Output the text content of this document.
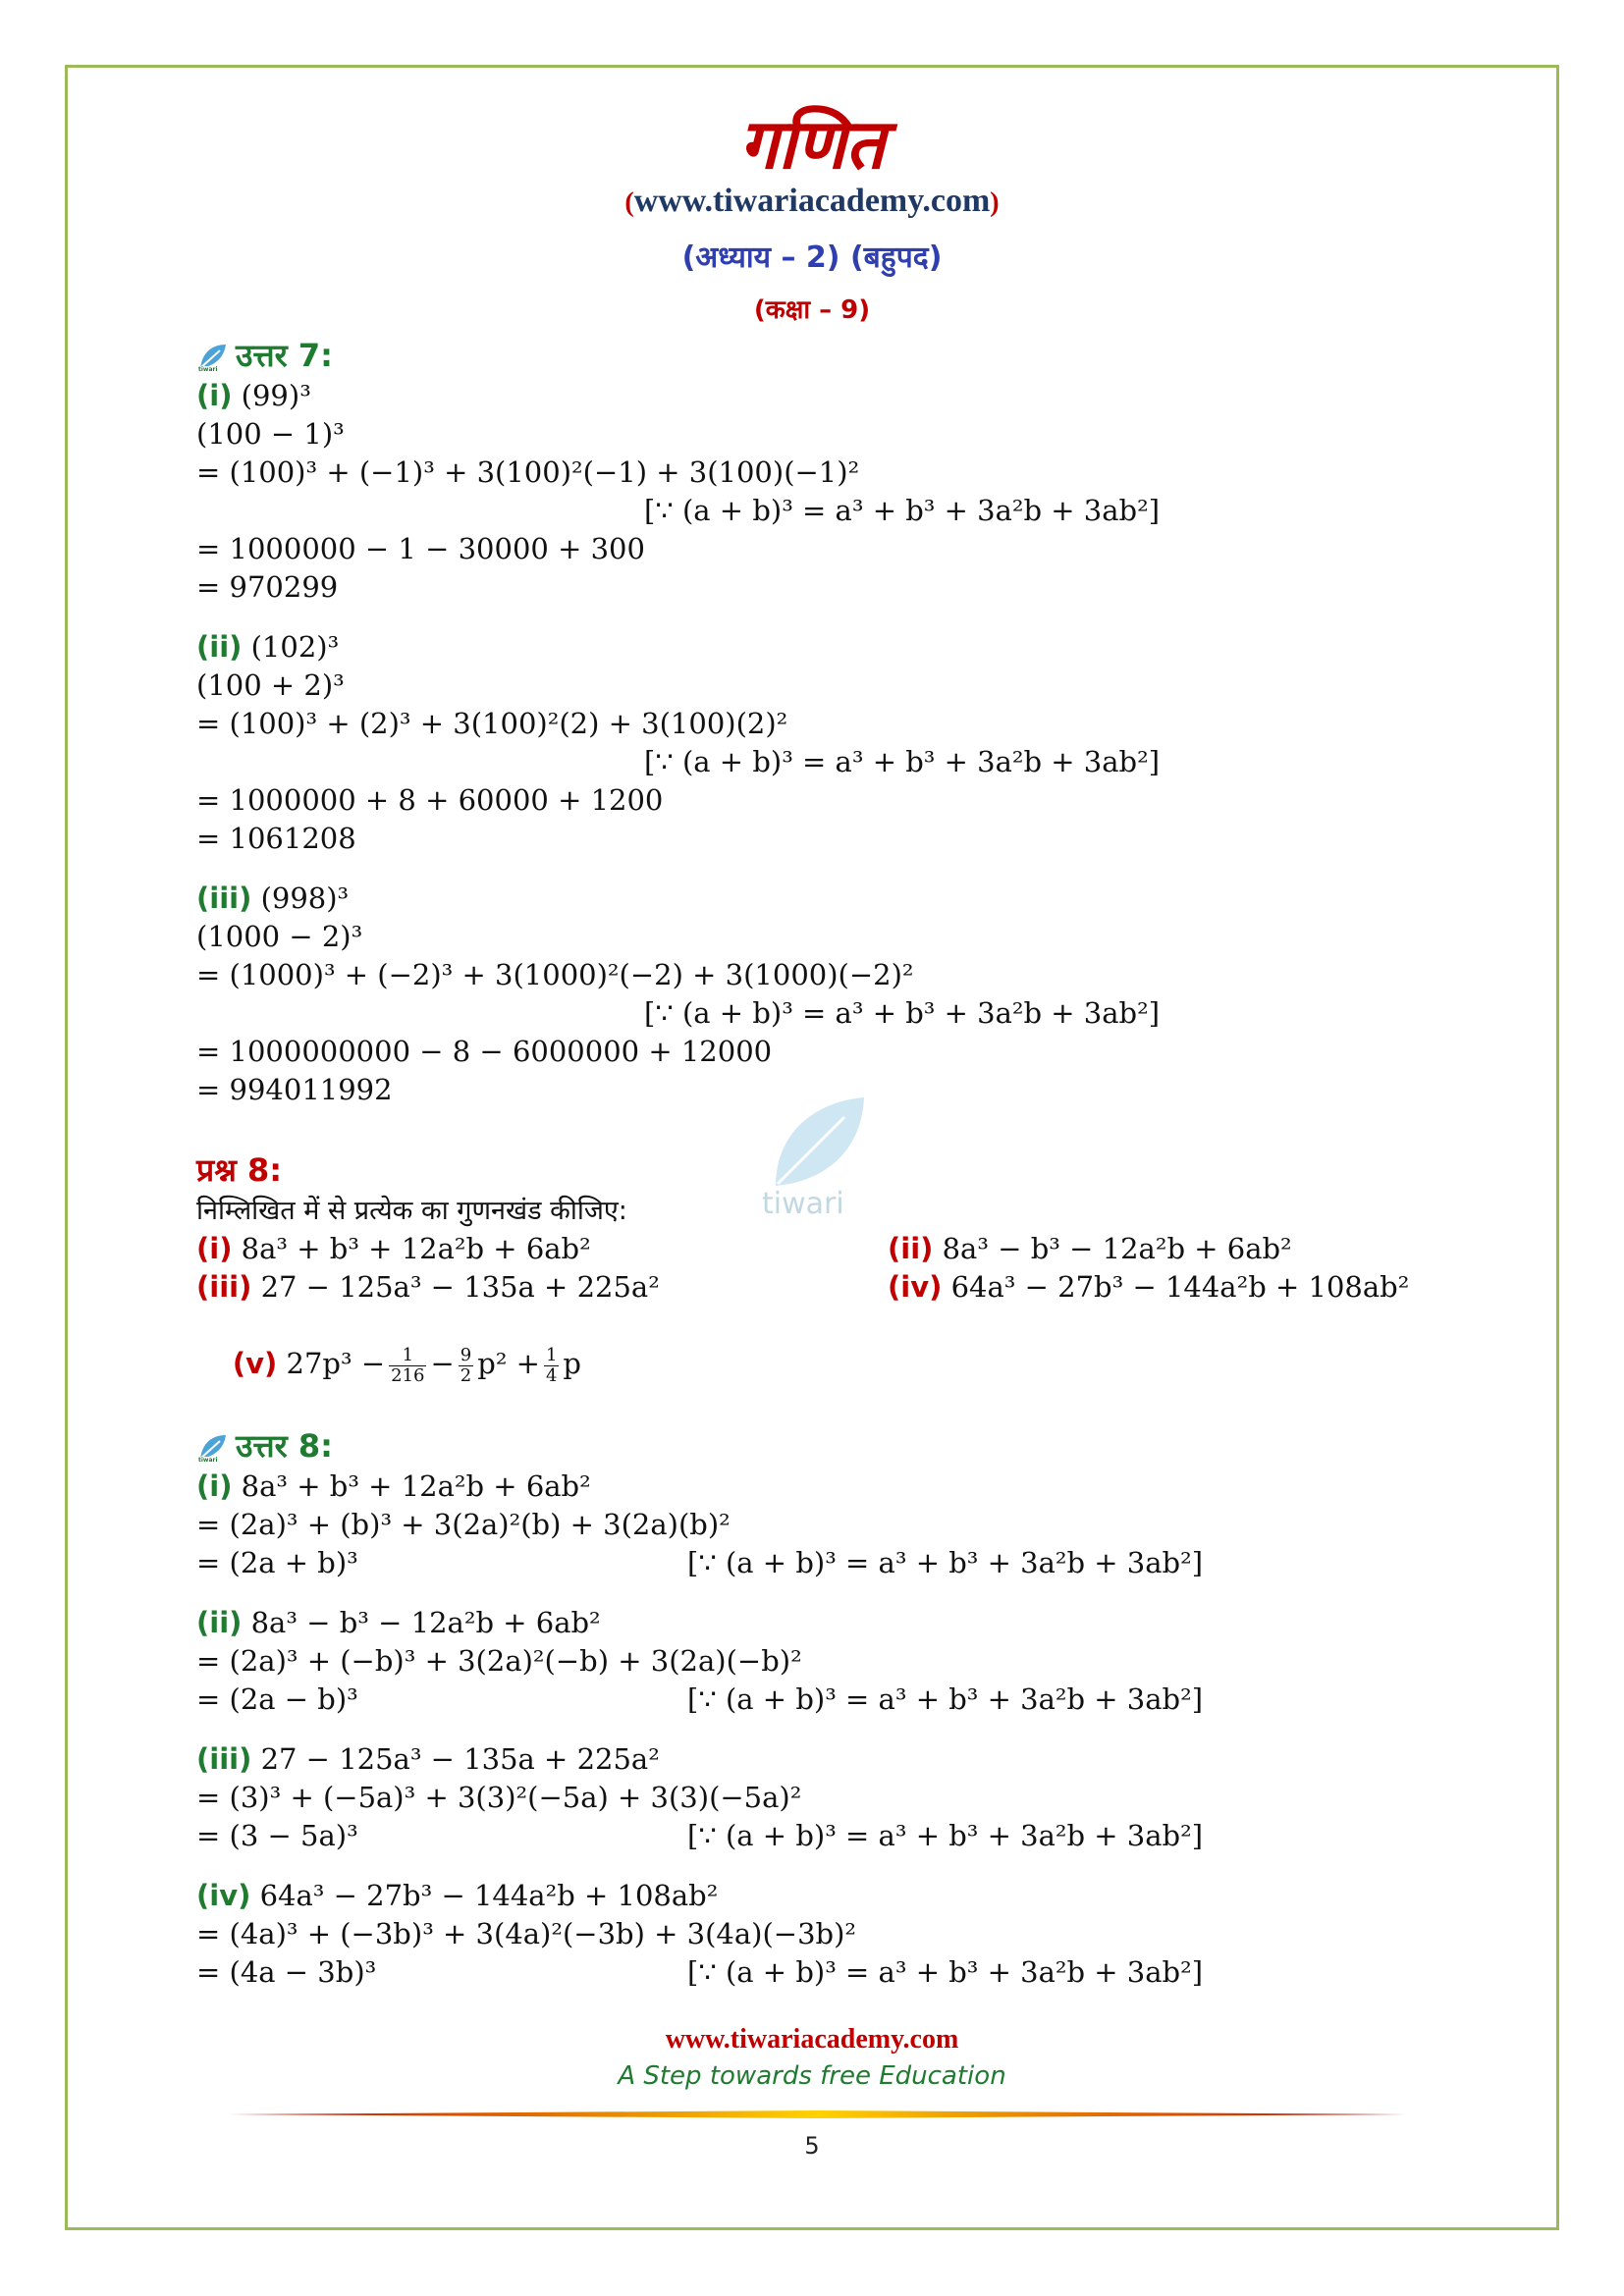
गणित
(www.tiwariacademy.com)
(अध्याय – 2) (बहुपद)
(कक्षा – 9)
tiwari उत्तर 7:
(i) (99)³
(100 − 1)³
= (100)³ + (−1)³ + 3(100)²(−1) + 3(100)(−1)²
[∵ (a + b)³ = a³ + b³ + 3a²b + 3ab²]
= 1000000 − 1 − 30000 + 300
= 970299
(ii) (102)³
(100 + 2)³
= (100)³ + (2)³ + 3(100)²(2) + 3(100)(2)²
[∵ (a + b)³ = a³ + b³ + 3a²b + 3ab²]
= 1000000 + 8 + 60000 + 1200
= 1061208
(iii) (998)³
(1000 − 2)³
= (1000)³ + (−2)³ + 3(1000)²(−2) + 3(1000)(−2)²
[∵ (a + b)³ = a³ + b³ + 3a²b + 3ab²]
= 1000000000 − 8 − 6000000 + 12000
= 994011992
प्रश्न 8:
निम्लिखित में से प्रत्येक का गुणनखंड कीजिए:
(i) 8a³ + b³ + 12a²b + 6ab²	(ii) 8a³ − b³ − 12a²b + 6ab²
(iii) 27 − 125a³ − 135a + 225a²	(iv) 64a³ − 27b³ − 144a²b + 108ab²

(v) $27p^3 - \frac{1}{216} - \frac{9}{2} p^2 + \frac{1}{4}$ p

tiwari उत्तर 8:
(i) 8a³ + b³ + 12a²b + 6ab²
= (2a)³ + (b)³ + 3(2a)²(b) + 3(2a)(b)²
= (2a + b)³	[∵ (a + b)³ = a³ + b³ + 3a²b + 3ab²]
(ii) 8a³ − b³ − 12a²b + 6ab²
= (2a)³ + (−b)³ + 3(2a)²(−b) + 3(2a)(−b)²
= (2a − b)³	[∵ (a + b)³ = a³ + b³ + 3a²b + 3ab²]
(iii) 27 − 125a³ − 135a + 225a²
= (3)³ + (−5a)³ + 3(3)²(−5a) + 3(3)(−5a)²
= (3 − 5a)³	[∵ (a + b)³ = a³ + b³ + 3a²b + 3ab²]
(iv) 64a³ − 27b³ − 144a²b + 108ab²
= (4a)³ + (−3b)³ + 3(4a)²(−3b) + 3(4a)(−3b)²
= (4a − 3b)³	[∵ (a + b)³ = a³ + b³ + 3a²b + 3ab²]
tiwari
www.tiwariacademy.com
A Step towards free Education
5
